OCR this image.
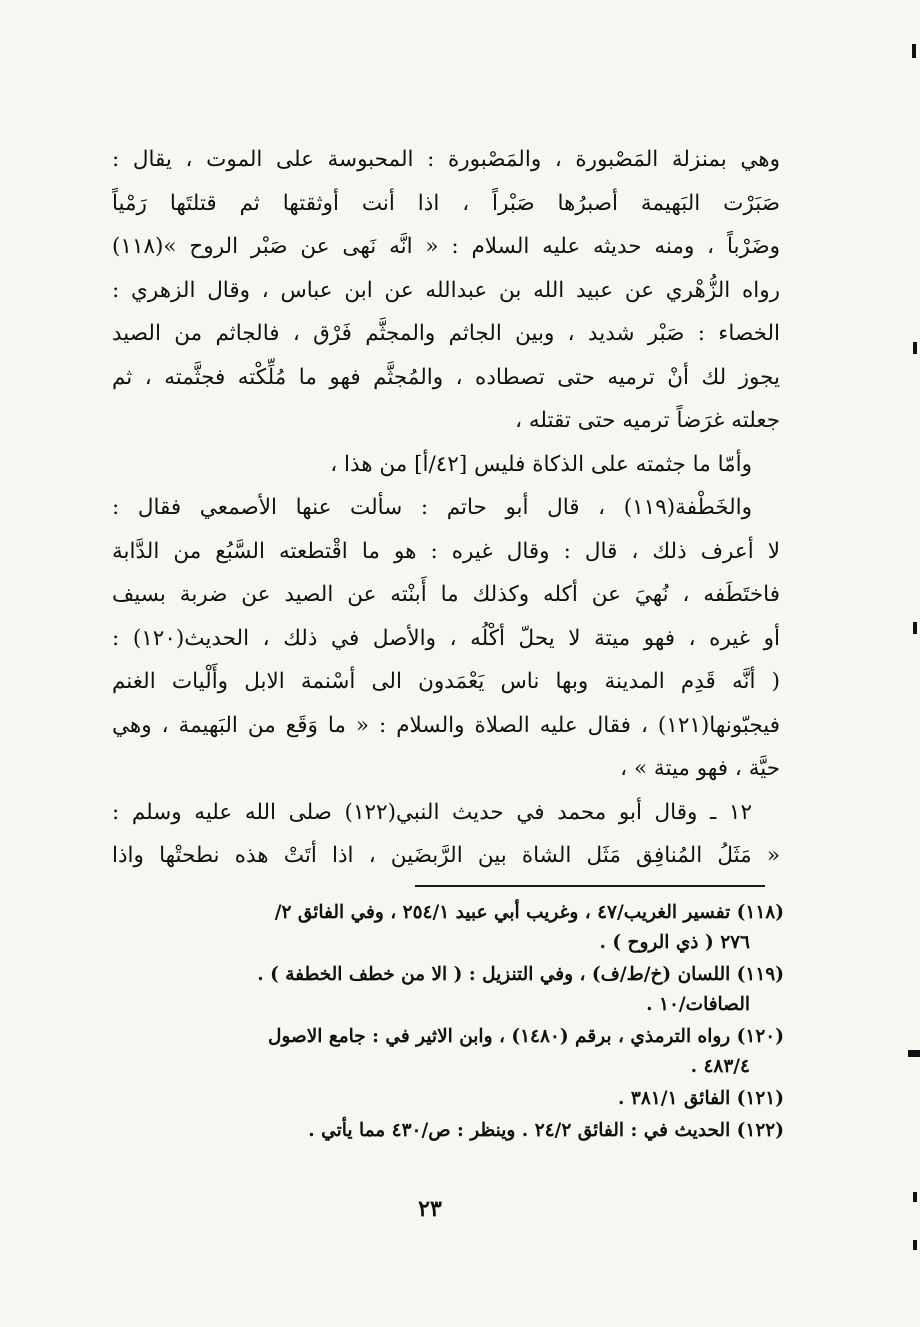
وهي بمنزلة المَصْبورة ، والمَصْبورة : المحبوسة على الموت ، يقال :
صَبَرْت البَهيمة أصبرُها صَبْراً ، اذا أنت أوثقتها ثم قتلتَها رَمْياً
وضَرْباً ، ومنه حديثه عليه السلام : « انَّه نَهى عن صَبْر الروح »(١١٨)
رواه الزُّهْري عن عبيد الله بن عبدالله عن ابن عباس ، وقال الزهري :
الخصاء : صَبْر شديد ، وبين الجاثم والمجثَّم فَرْق ، فالجاثم من الصيد
يجوز لك أنْ ترميه حتى تصطاده ، والمُجثَّم فهو ما مُلِّكْته فجثَّمته ، ثم
جعلته غرَضاً ترميه حتى تقتله ،
وأمّا ما جثمته على الذكاة فليس [٤٢/أ] من هذا ،
والخَطْفة(١١٩) ، قال أبو حاتم : سألت عنها الأصمعي فقال :
لا أعرف ذلك ، قال : وقال غيره : هو ما اقْتطعته السَّبُع من الدَّابة
فاختَطَفه ، نُهيَ عن أكله وكذلك ما أَبنْته عن الصيد عن ضربة بسيف
أو غيره ، فهو ميتة لا يحلّ أكْلُه ، والأصل في ذلك ، الحديث(١٢٠) :
( أنَّه قَدِم المدينة وبها ناس يَعْمَدون الى أسْنمة الابل وأَلْيات الغنم
فيجبّونها(١٢١) ، فقال عليه الصلاة والسلام : « ما وَقَع من البَهيمة ، وهي
حيَّة ، فهو ميتة » ،
١٢ ـ وقال أبو محمد في حديث النبي(١٢٢) صلى الله عليه وسلم :
« مَثَلُ المُنافِق مَثَل الشاة بين الرَّبضَين ، اذا أتَتْ هذه نطحتْها واذا
(١١٨) تفسير الغريب/٤٧ ، وغريب أبي عبيد ٢٥٤/١ ، وفي الفائق ٢/
٢٧٦ ( ذي الروح ) .
(١١٩) اللسان (خ/ط/ف) ، وفي التنزيل : ( الا من خطف الخطفة ) .
الصافات/١٠ .
(١٢٠) رواه الترمذي ، برقم (١٤٨٠) ، وابن الاثير في : جامع الاصول
٤٨٣/٤ .
(١٢١) الفائق ٣٨١/١ .
(١٢٢) الحديث في : الفائق ٢٤/٢ . وينظر : ص/٤٣٠ مما يأتي .
٢٣
